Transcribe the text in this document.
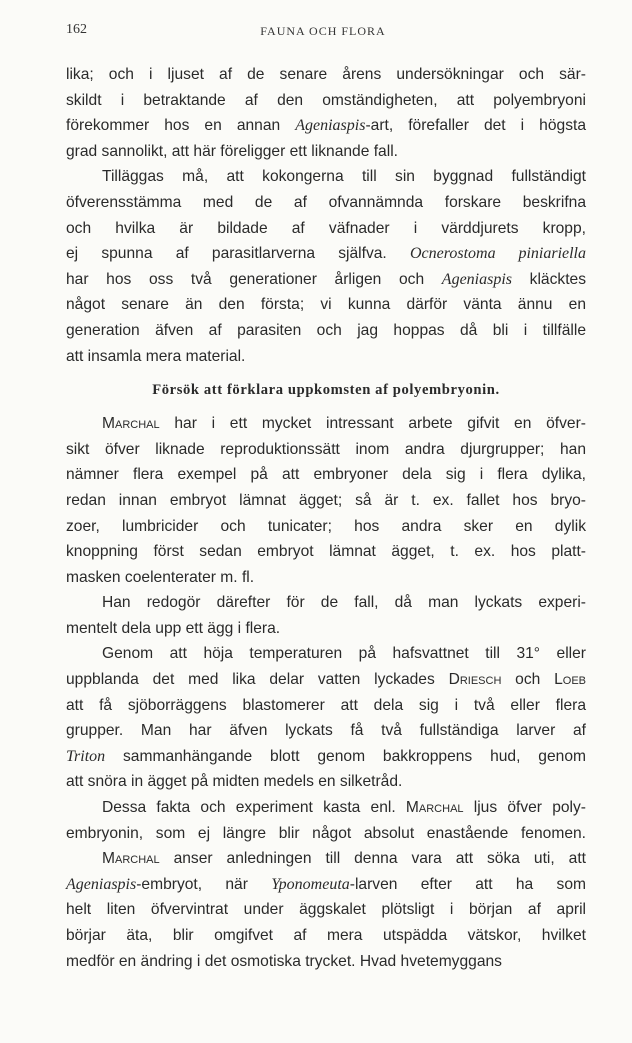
162	FAUNA OCH FLORA
lika; och i ljuset af de senare årens undersökningar och sär-
skildt i betraktande af den omständigheten, att polyembryoni
förekommer hos en annan Ageniaspis-art, förefaller det i högsta
grad sannolikt, att här föreligger ett liknande fall.
Tilläggas må, att kokongerna till sin byggnad fullständigt
öfverensstämma med de af ofvannämnda forskare beskrifna
och hvilka är bildade af väfnader i värddjurets kropp,
ej spunna af parasitlarverna själfva. Ocnerostoma piniariella
har hos oss två generationer årligen och Ageniaspis kläcktes
något senare än den första; vi kunna därför vänta ännu en
generation äfven af parasiten och jag hoppas då bli i tillfälle
att insamla mera material.
Försök att förklara uppkomsten af polyembryonin.
Marchal har i ett mycket intressant arbete gifvit en öfver-
sikt öfver liknade reproduktionssätt inom andra djurgrupper; han
nämner flera exempel på att embryoner dela sig i flera dylika,
redan innan embryot lämnat ägget; så är t. ex. fallet hos bryo-
zoer, lumbricider och tunicater; hos andra sker en dylik
knoppning först sedan embryot lämnat ägget, t. ex. hos platt-
masken coelenterater m. fl.
Han redogör därefter för de fall, då man lyckats experi-
mentelt dela upp ett ägg i flera.
Genom att höja temperaturen på hafsvattnet till 31° eller
uppblanda det med lika delar vatten lyckades Driesch och Loeb
att få sjöborräggens blastomerer att dela sig i två eller flera
grupper. Man har äfven lyckats få två fullständiga larver af
Triton sammanhängande blott genom bakkroppens hud, genom
att snöra in ägget på midten medels en silketråd.
Dessa fakta och experiment kasta enl. Marchal ljus öfver poly-
embryonin, som ej längre blir något absolut enastående fenomen.
Marchal anser anledningen till denna vara att söka uti, att
Ageniaspis-embryot, när Yponomeuta-larven efter att ha som
helt liten öfvervintrat under äggskalet plötsligt i början af april
börjar äta, blir omgifvet af mera utspädda vätskor, hvilket
medför en ändring i det osmotiska trycket. Hvad hvetemyggans
